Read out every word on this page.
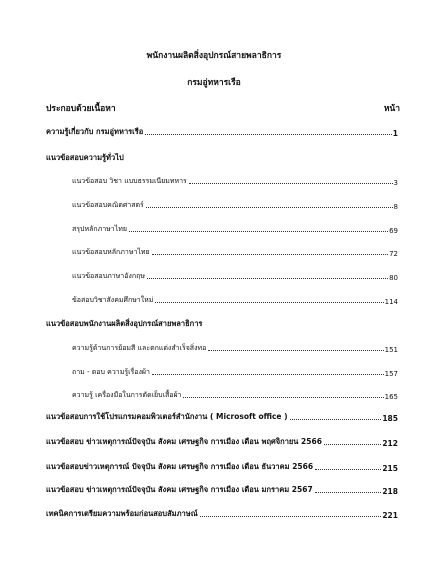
พนักงานผลิตสิ่งอุปกรณ์สายพลาธิการ
กรมอู่ทหารเรือ
ประกอบด้วยเนื้อหา	หน้า
ความรู้เกี่ยวกับ กรมอู่ทหารเรือ	1
แนวข้อสอบความรู้ทั่วไป
แนวข้อสอบ วิชา แบบธรรมเนียมทหาร	3
แนวข้อสอบคณิตศาสตร์	8
สรุปหลักภาษาไทย	69
แนวข้อสอบหลักภาษาไทย	72
แนวข้อสอบภาษาอังกฤษ	80
ข้อสอบวิชาสังคมศึกษาใหม่	114
แนวข้อสอบพนักงานผลิตสิ่งอุปกรณ์สายพลาธิการ
ความรู้ด้านการย้อมสี และตกแต่งสำเร็จสิ่งทอ	151
ถาม - ตอบ ความรู้เรื่องผ้า	157
ความรู้ เครื่องมือในการตัดเย็บเสื้อผ้า	165
แนวข้อสอบการใช้โปรแกรมคอมพิวเตอร์สำนักงาน ( Microsoft office )	185
แนวข้อสอบ ข่าวเหตุการณ์ปัจจุบัน สังคม เศรษฐกิจ การเมือง เดือน พฤศจิกายน 2566	212
แนวข้อสอบข่าวเหตุการณ์ ปัจจุบัน สังคม เศรษฐกิจ การเมือง เดือน ธันวาคม 2566	215
แนวข้อสอบ ข่าวเหตุการณ์ปัจจุบัน สังคม เศรษฐกิจ การเมือง เดือน มกราคม 2567	218
เทคนิคการเตรียมความพร้อมก่อนสอบสัมภาษณ์	221
